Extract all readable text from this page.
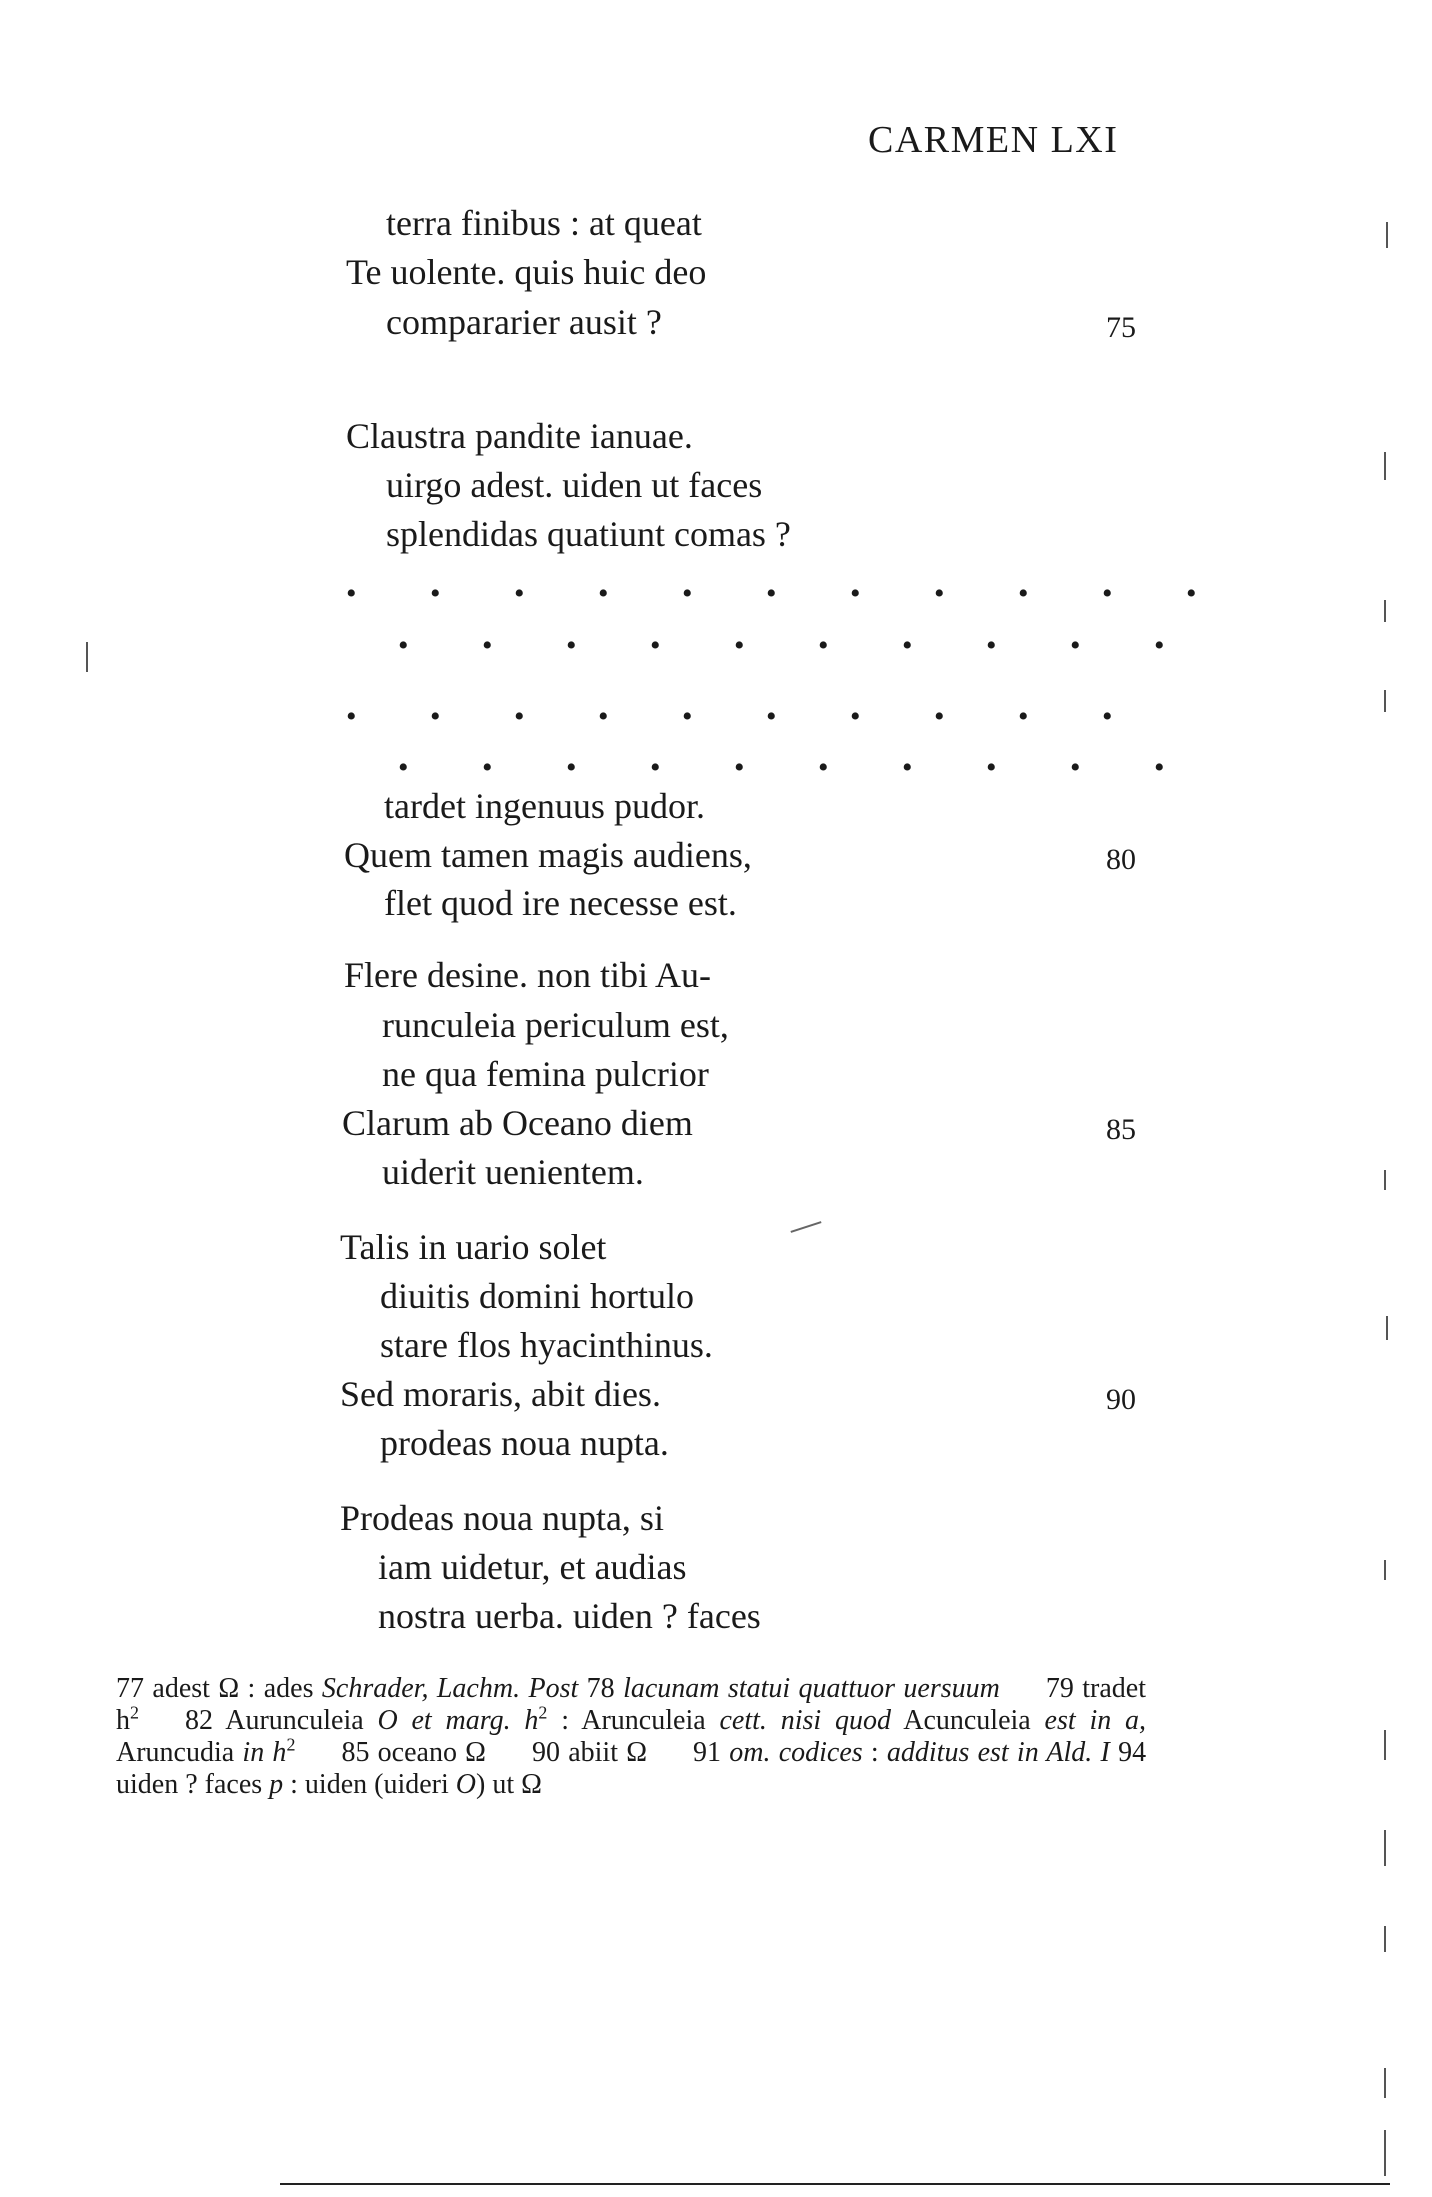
CARMEN LXI
terra finibus : at queat
Te uolente. quis huic deo
compararier ausit ?	75
Claustra pandite ianuae.
uirgo adest. uiden ut faces
splendidas quatiunt comas ?
• • • • • • • • • • •
• • • • • • • • • •
• • • • • • • • • •
• • • • • • • • • •
tardet ingenuus pudor.
Quem tamen magis audiens,	80
flet quod ire necesse est.
Flere desine. non tibi Au-
runculeia periculum est,
ne qua femina pulcrior
Clarum ab Oceano diem	85
uiderit uenientem.
Talis in uario solet
diuitis domini hortulo
stare flos hyacinthinus.
Sed moraris, abit dies.	90
prodeas noua nupta.
Prodeas noua nupta, si
iam uidetur, et audias
nostra uerba. uiden ? faces

77 adest Ω : ades Schrader, Lachm. Post 78 lacunam statui quattuor uersuum 79 tradet $h^2$ 82 Aurunculeia O et marg. $h^2$ : Arunculeia cett. nisi quod Acunculeia est in a, Aruncudia in $h^2$ 85 oceano Ω 90 abiit Ω 91 om. codices : additus est in Ald. I 94 uiden ? faces p : uiden (uideri O) ut Ω
